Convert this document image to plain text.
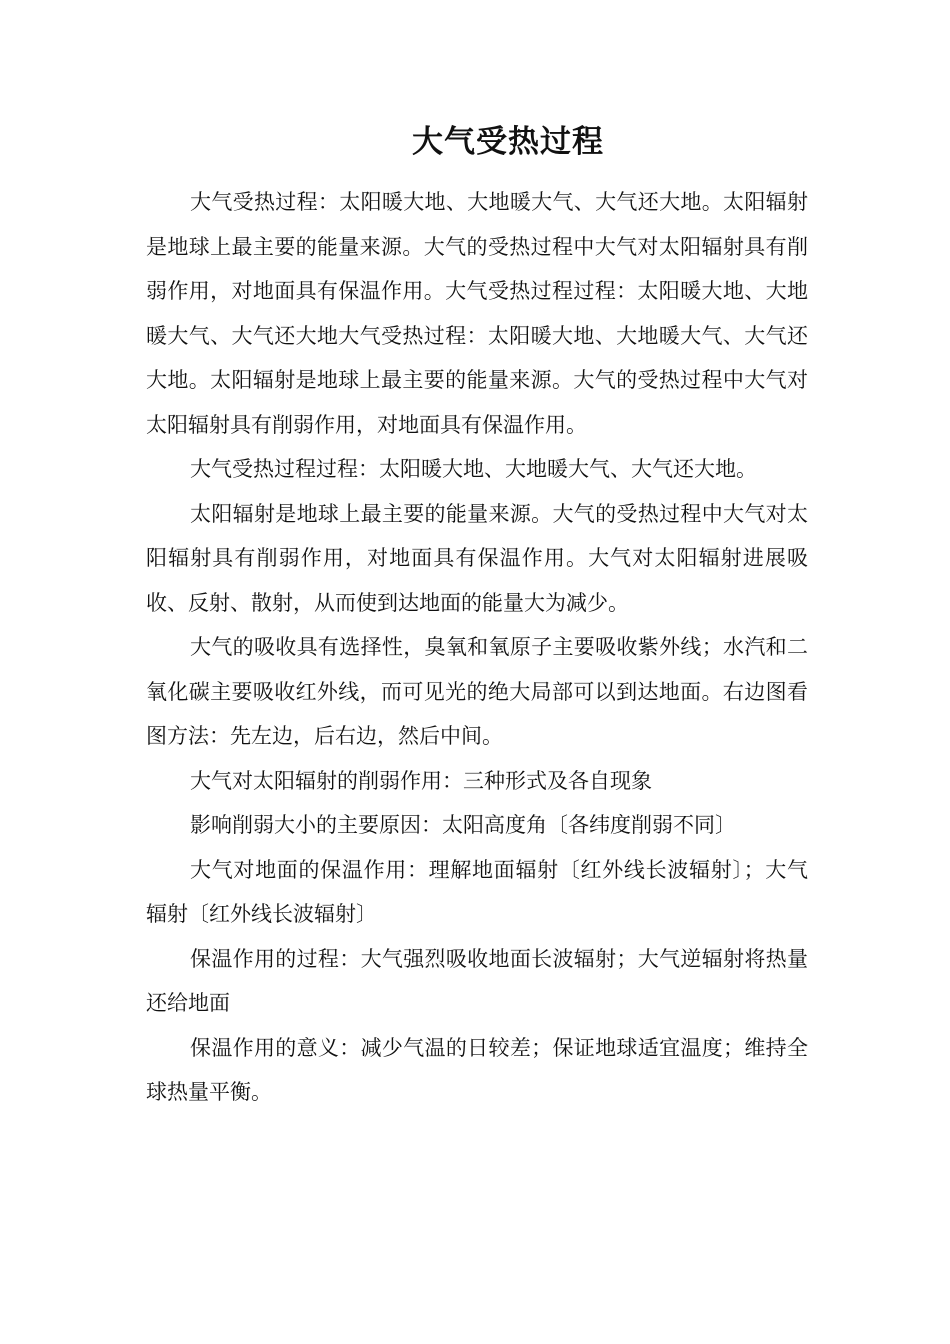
大气受热过程

大气受热过程：太阳暖大地、大地暖大气、大气还大地。太阳辐射是地球上最主要的能量来源。大气的受热过程中大气对太阳辐射具有削弱作用，对地面具有保温作用。大气受热过程过程：太阳暖大地、大地暖大气、大气还大地大气受热过程：太阳暖大地、大地暖大气、大气还大地。太阳辐射是地球上最主要的能量来源。大气的受热过程中大气对太阳辐射具有削弱作用，对地面具有保温作用。

大气受热过程过程：太阳暖大地、大地暖大气、大气还大地。

太阳辐射是地球上最主要的能量来源。大气的受热过程中大气对太阳辐射具有削弱作用，对地面具有保温作用。大气对太阳辐射进展吸收、反射、散射，从而使到达地面的能量大为减少。

大气的吸收具有选择性，臭氧和氧原子主要吸收紫外线；水汽和二氧化碳主要吸收红外线，而可见光的绝大局部可以到达地面。右边图看图方法：先左边，后右边，然后中间。

大气对太阳辐射的削弱作用：三种形式及各自现象

影响削弱大小的主要原因：太阳高度角〔各纬度削弱不同〕

大气对地面的保温作用：理解地面辐射〔红外线长波辐射〕；大气辐射〔红外线长波辐射〕

保温作用的过程：大气强烈吸收地面长波辐射；大气逆辐射将热量还给地面

保温作用的意义：减少气温的日较差；保证地球适宜温度；维持全球热量平衡。
